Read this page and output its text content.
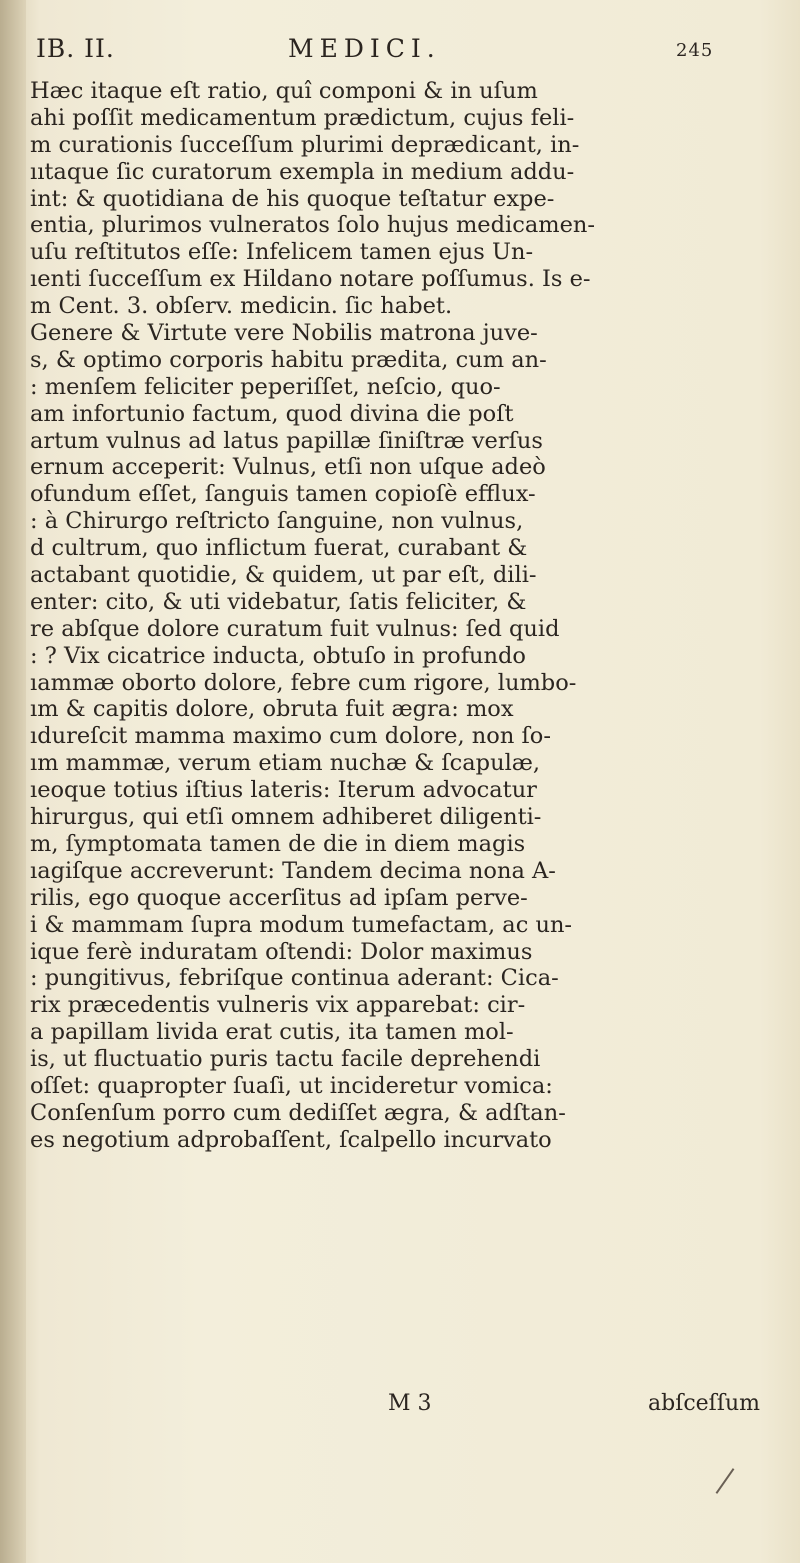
IB. II.	MEDICI.	245
Hæc itaque eſt ratio, quî componi & in uſum
ahi poſſit medicamentum prædictum, cujus feli-
m curationis ſucceſſum plurimi deprædicant, in-
ııtaque ſic curatorum exempla in medium addu-
int: & quotidiana de his quoque teſtatur expe-
entia, plurimos vulneratos ſolo hujus medicamen-
uſu reſtitutos eſſe: Infelicem tamen ejus Un-
ıenti ſucceſſum ex Hildano notare poſſumus. Is e-
m Cent. 3. obſerv. medicin. ſic habet.
Genere & Virtute vere Nobilis matrona juve-
s, & optimo corporis habitu prædita, cum an-
: menſem feliciter peperiſſet, neſcio, quo-
am infortunio factum, quod divina die poſt
artum vulnus ad latus papillæ ſiniſtræ verſus
ernum acceperit: Vulnus, etſi non uſque adeò
ofundum eſſet, ſanguis tamen copioſè efflux-
: à Chirurgo reſtricto ſanguine, non vulnus,
d cultrum, quo inflictum fuerat, curabant &
actabant quotidie, & quidem, ut par eſt, dili-
enter: cito, & uti videbatur, ſatis feliciter, &
re abſque dolore curatum fuit vulnus: ſed quid
: ? Vix cicatrice inducta, obtuſo in profundo
ıammæ oborto dolore, febre cum rigore, lumbo-
ım & capitis dolore, obruta fuit ægra: mox
ıdureſcit mamma maximo cum dolore, non ſo-
ım mammæ, verum etiam nuchæ & ſcapulæ,
ıeoque totius iſtius lateris: Iterum advocatur
hirurgus, qui etſi omnem adhiberet diligenti-
m, ſymptomata tamen de die in diem magis
ıagiſque accreverunt: Tandem decima nona A-
rilis, ego quoque accerſitus ad ipſam perve-
i & mammam ſupra modum tumefactam, ac un-
ique ferè induratam oſtendi: Dolor maximus
: pungitivus, febriſque continua aderant: Cica-
rix præcedentis vulneris vix apparebat: cir-
a papillam livida erat cutis, ita tamen mol-
is, ut fluctuatio puris tactu facile deprehendi
oſſet: quapropter ſuaſi, ut incideretur vomica:
Conſenſum porro cum dediſſet ægra, & adſtan-
es negotium adprobaſſent, ſcalpello incurvato
M 3	abſceſſum
